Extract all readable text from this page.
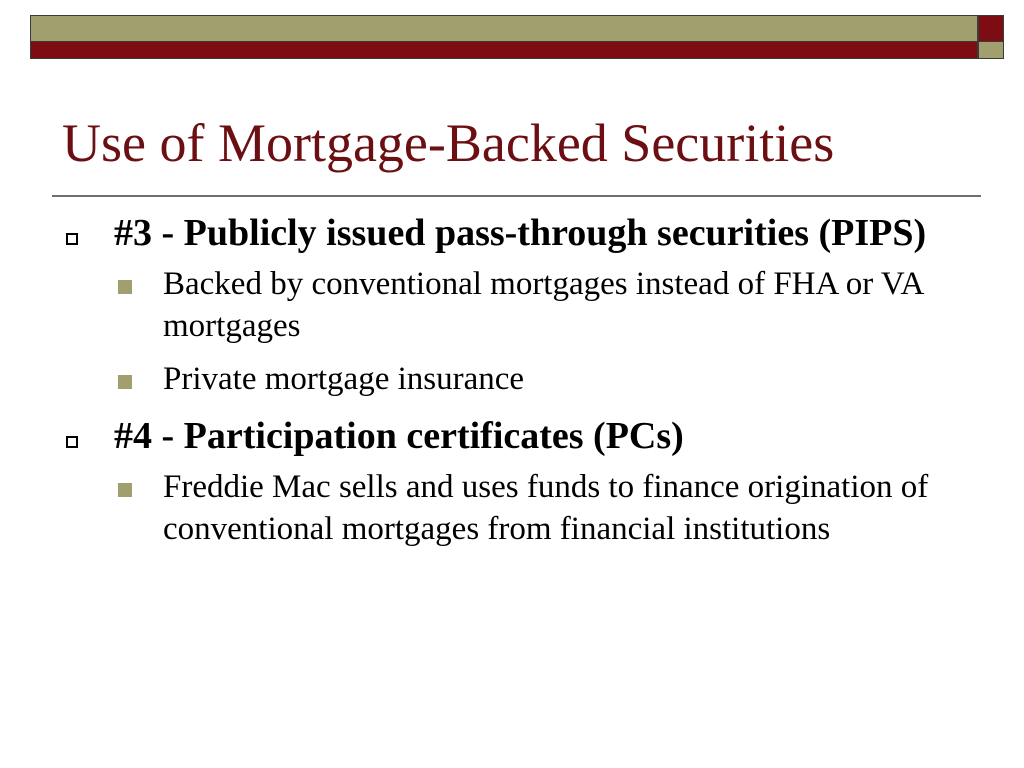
Use of Mortgage-Backed Securities
#3 - Publicly issued pass-through securities (PIPS)
Backed by conventional mortgages instead of FHA or VA mortgages
Private mortgage insurance
#4 - Participation certificates (PCs)
Freddie Mac sells and uses funds to finance origination of conventional mortgages from financial institutions
